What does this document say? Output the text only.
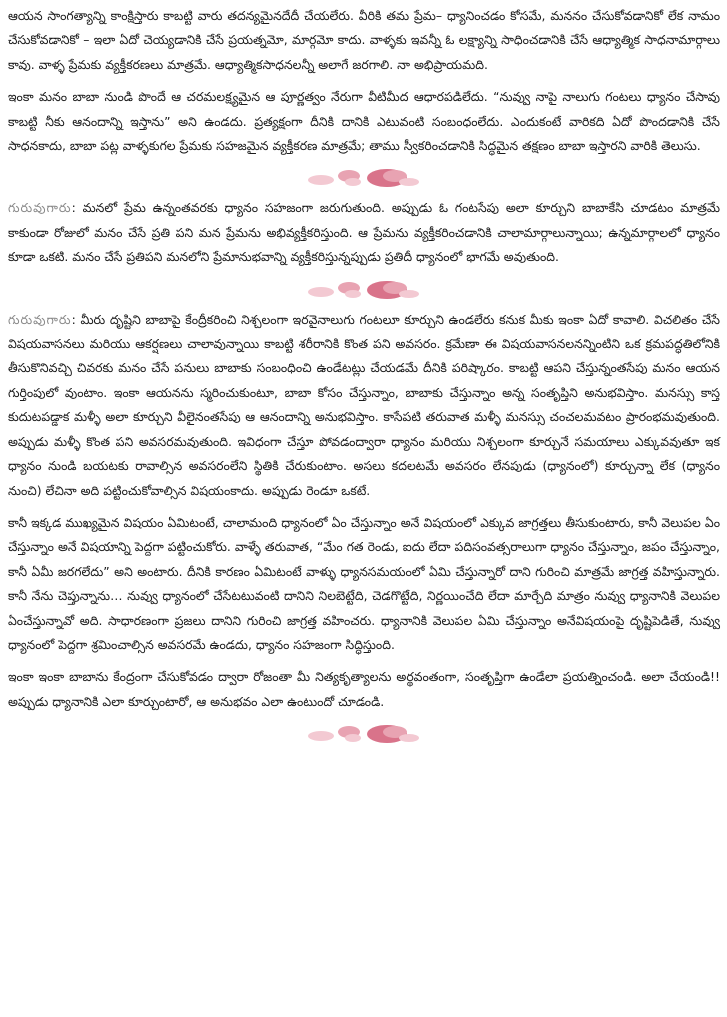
ఆయన సాంగత్యాన్ని కాంక్షిస్తారు కాబట్టి వారు తదన్యమైనదేదీ చేయలేరు. వీరికి తమ ప్రేమ– ధ్యానించడం కోసమే, మననం చేసుకోవడానికో లేక నామం చేసుకోవడానికో – ఇలా ఏదో చెయ్యడానికి చేసే ప్రయత్నమో, మార్గమో కాదు. వాళ్ళకు ఇవన్నీ ఓ లక్ష్యాన్ని సాధించడానికి చేసే ఆధ్యాత్మిక సాధనామార్గాలు కావు. వాళ్ళ ప్రేమకు వ్యక్తీకరణలు మాత్రమే. ఆధ్యాత్మికసాధనలన్నీ అలాగే జరగాలి. నా అభిప్రాయమది.

ఇంకా మనం బాబా నుండి పొందే ఆ చరమలక్ష్యమైన ఆ పూర్ణత్వం నేరుగా వీటిమీద ఆధారపడిలేదు. “నువ్వు నాపై నాలుగు గంటలు ధ్యానం చేసావు కాబట్టి నీకు ఆనందాన్ని ఇస్తాను” అని ఉండదు. ప్రత్యక్షంగా దీనికి దానికి ఎటువంటి సంబంధంలేదు. ఎందుకంటే వారికది ఏదో పొందడానికి చేసే సాధనకాదు, బాబా పట్ల వాళ్ళకుగల ప్రేమకు సహజమైన వ్యక్తీకరణ మాత్రమే; తాము స్వీకరించడానికి సిద్ధమైన తక్షణం బాబా ఇస్తారని వారికి తెలుసు.

గురువుగారు: మనలో ప్రేమ ఉన్నంతవరకు ధ్యానం సహజంగా జరుగుతుంది. అప్పుడు ఓ గంటసేపు అలా కూర్చుని బాబాకేసి చూడటం మాత్రమే కాకుండా రోజులో మనం చేసే ప్రతి పని మన ప్రేమను అభివ్యక్తీకరిస్తుంది. ఆ ప్రేమను వ్యక్తీకరించడానికి చాలామార్గాలున్నాయి; ఉన్నమార్గాలలో ధ్యానం కూడా ఒకటి. మనం చేసే ప్రతిపని మనలోని ప్రేమానుభవాన్ని వ్యక్తీకరిస్తున్నప్పుడు ప్రతిదీ ధ్యానంలో భాగమే అవుతుంది.

గురువుగారు: మీరు దృష్టిని బాబాపై కేంద్రీకరించి నిశ్చలంగా ఇరవైనాలుగు గంటలూ కూర్చుని ఉండలేరు కనుక మీకు ఇంకా ఏదో కావాలి. విచలితం చేసే విషయవాసనలు మరియు ఆకర్షణలు చాలావున్నాయి కాబట్టి శరీరానికి కొంత పని అవసరం. క్రమేణా ఈ విషయవాసనలనన్నింటిని ఒక క్రమపద్ధతిలోనికి తీసుకొనివచ్చి చివరకు మనం చేసే పనులు బాబాకు సంబంధించి ఉండేటట్లు చేయడమే దీనికి పరిష్కారం. కాబట్టి ఆపని చేస్తున్నంతసేపు మనం ఆయన గుర్తింపులో వుంటాం. ఇంకా ఆయనను స్మరించుకుంటూ, బాబా కోసం చేస్తున్నాం, బాబాకు చేస్తున్నాం అన్న సంతృప్తిని అనుభవిస్తాం. మనస్సు కాస్త కుదుటపడ్డాక మళ్ళీ అలా కూర్చుని వీలైనంతసేపు ఆ ఆనందాన్ని అనుభవిస్తాం. కాసేపటి తరువాత మళ్ళీ మనస్సు చంచలమవటం ప్రారంభమవుతుంది. అప్పుడు మళ్ళీ కొంత పని అవసరమవుతుంది. ఇవిధంగా చేస్తూ పోవడంద్వారా ధ్యానం మరియు నిశ్చలంగా కూర్చునే సమయాలు ఎక్కువవుతూ ఇక ధ్యానం నుండి బయటకు రావాల్సిన అవసరంలేని స్థితికి చేరుకుంటాం. అసలు కదలటమే అవసరం లేనపుడు (ధ్యానంలో) కూర్చున్నా లేక (ధ్యానం నుంచి) లేచినా అది పట్టించుకోవాల్సిన విషయంకాదు. అప్పుడు రెండూ ఒకటే.

కానీ ఇక్కడ ముఖ్యమైన విషయం ఏమిటంటే, చాలామంది ధ్యానంలో ఏం చేస్తున్నాం అనే విషయంలో ఎక్కువ జాగ్రత్తలు తీసుకుంటారు, కానీ వెలుపల ఏం చేస్తున్నాం అనే విషయాన్ని పెద్దగా పట్టించుకోరు. వాళ్ళే తరువాత, “మేం గత రెండు, ఐదు లేదా పదిసంవత్సరాలుగా ధ్యానం చేస్తున్నాం, జపం చేస్తున్నాం, కానీ ఏమీ జరగలేదు” అని అంటారు. దీనికి కారణం ఏమిటంటే వాళ్ళు ధ్యానసమయంలో ఏమి చేస్తున్నారో దాని గురించి మాత్రమే జాగ్రత్త వహిస్తున్నారు. కానీ నేను చెప్తున్నాను… నువ్వు ధ్యానంలో చేసేటటువంటి దానిని నిలబెట్టేది, చెడగొట్టేది, నిర్ణయించేది లేదా మార్చేది మాత్రం నువ్వు ధ్యానానికి వెలుపల ఏంచేస్తున్నావో అది. సాధారణంగా ప్రజలు దానిని గురించి జాగ్రత్త వహించరు. ధ్యానానికి వెలుపల ఏమి చేస్తున్నాం అనేవిషయంపై దృష్టిపెడితే, నువ్వు ధ్యానంలో పెద్దగా శ్రమించాల్సిన అవసరమే ఉండదు, ధ్యానం సహజంగా సిద్ధిస్తుంది.

ఇంకా ఇంకా బాబాను కేంద్రంగా చేసుకోవడం ద్వారా రోజంతా మీ నిత్యకృత్యాలను అర్థవంతంగా, సంతృప్తిగా ఉండేలా ప్రయత్నించండి. అలా చేయండి!! అప్పుడు ధ్యానానికి ఎలా కూర్చుంటారో, ఆ అనుభవం ఎలా ఉంటుందో చూడండి.
